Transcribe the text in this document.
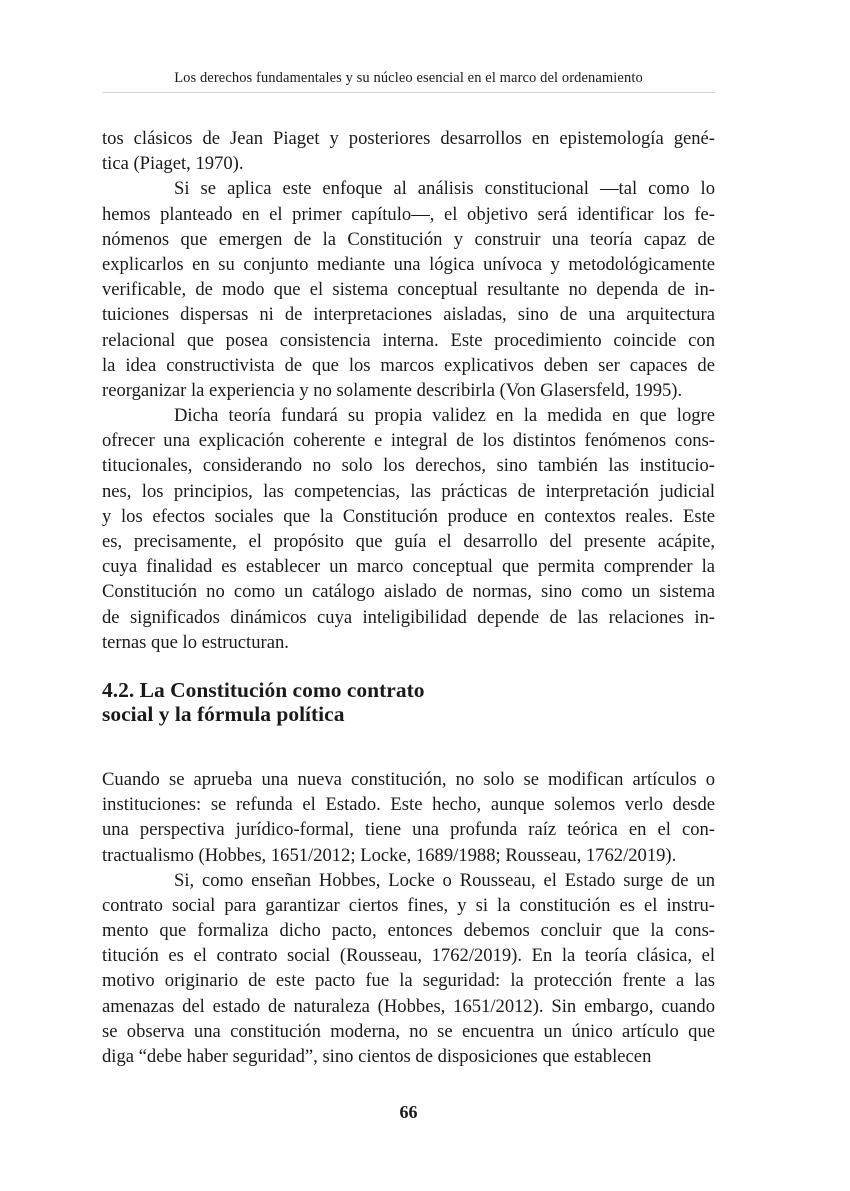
Los derechos fundamentales y su núcleo esencial en el marco del ordenamiento
tos clásicos de Jean Piaget y posteriores desarrollos en epistemología gené-
tica (Piaget, 1970).
Si se aplica este enfoque al análisis constitucional —tal como lo
hemos planteado en el primer capítulo—, el objetivo será identificar los fe-
nómenos que emergen de la Constitución y construir una teoría capaz de
explicarlos en su conjunto mediante una lógica unívoca y metodológicamente
verificable, de modo que el sistema conceptual resultante no dependa de in-
tuiciones dispersas ni de interpretaciones aisladas, sino de una arquitectura
relacional que posea consistencia interna. Este procedimiento coincide con
la idea constructivista de que los marcos explicativos deben ser capaces de
reorganizar la experiencia y no solamente describirla (Von Glasersfeld, 1995).
Dicha teoría fundará su propia validez en la medida en que logre
ofrecer una explicación coherente e integral de los distintos fenómenos cons-
titucionales, considerando no solo los derechos, sino también las institucio-
nes, los principios, las competencias, las prácticas de interpretación judicial
y los efectos sociales que la Constitución produce en contextos reales. Este
es, precisamente, el propósito que guía el desarrollo del presente acápite,
cuya finalidad es establecer un marco conceptual que permita comprender la
Constitución no como un catálogo aislado de normas, sino como un sistema
de significados dinámicos cuya inteligibilidad depende de las relaciones in-
ternas que lo estructuran.
4.2. La Constitución como contrato
social y la fórmula política
Cuando se aprueba una nueva constitución, no solo se modifican artículos o
instituciones: se refunda el Estado. Este hecho, aunque solemos verlo desde
una perspectiva jurídico-formal, tiene una profunda raíz teórica en el con-
tractualismo (Hobbes, 1651/2012; Locke, 1689/1988; Rousseau, 1762/2019).
Si, como enseñan Hobbes, Locke o Rousseau, el Estado surge de un
contrato social para garantizar ciertos fines, y si la constitución es el instru-
mento que formaliza dicho pacto, entonces debemos concluir que la cons-
titución es el contrato social (Rousseau, 1762/2019). En la teoría clásica, el
motivo originario de este pacto fue la seguridad: la protección frente a las
amenazas del estado de naturaleza (Hobbes, 1651/2012). Sin embargo, cuando
se observa una constitución moderna, no se encuentra un único artículo que
diga “debe haber seguridad”, sino cientos de disposiciones que establecen
66
